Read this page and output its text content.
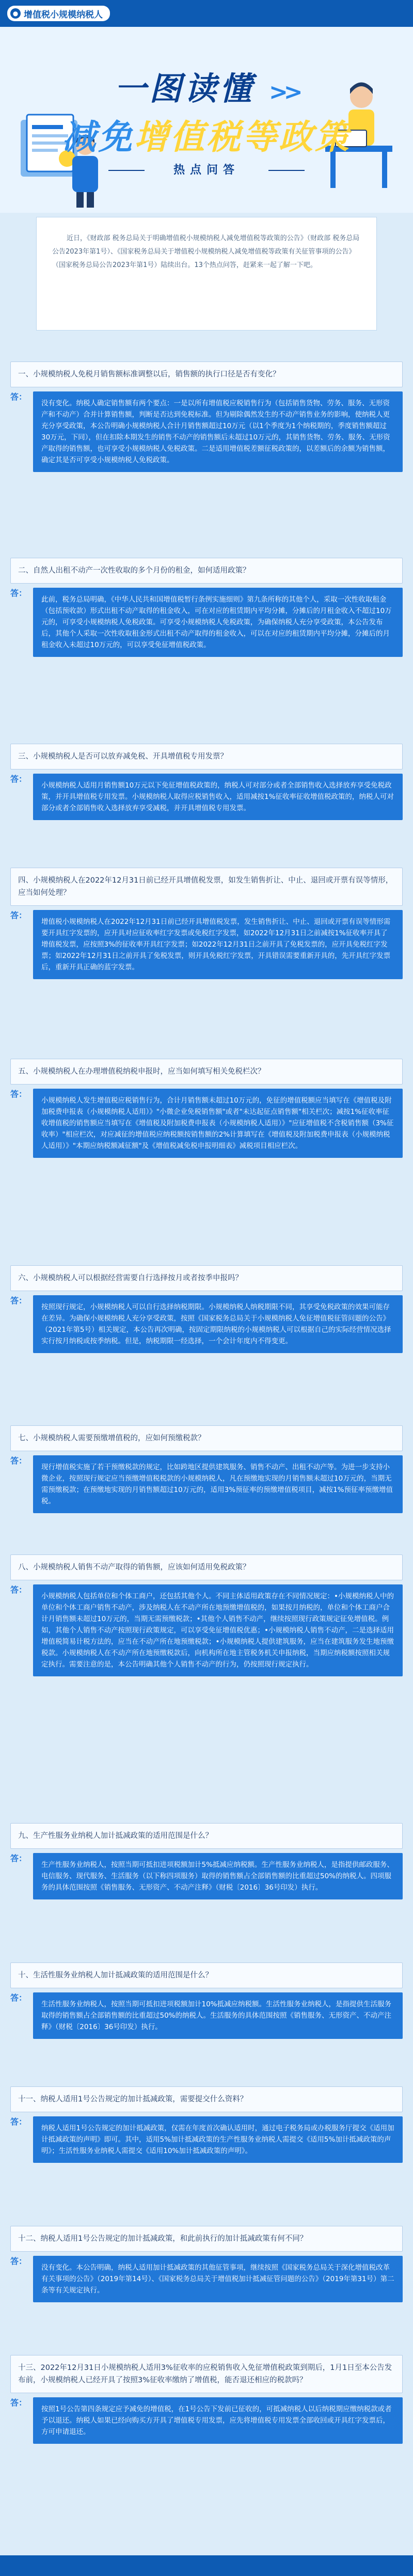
● 增值税小规模纳税人
一图读懂 >>
减免增值税等政策
热点问答
近日，《财政部 税务总局关于明确增值税小规模纳税人减免增值税等政策的公告》（财政部 税务总局公告2023年第1号）、《国家税务总局关于增值税小规模纳税人减免增值税等政策有关征管事项的公告》（国家税务总局公告2023年第1号）陆续出台。13个热点问答，赶紧来一起了解一下吧。
一、小规模纳税人免税月销售额标准调整以后，销售额的执行口径是否有变化？
答：
没有变化。纳税人确定销售额有两个要点：一是以所有增值税应税销售行为（包括销售货物、劳务、服务、无形资产和不动产）合并计算销售额，判断是否达到免税标准。但为剔除偶然发生的不动产销售业务的影响，使纳税人更充分享受政策，本公告明确小规模纳税人合计月销售额超过10万元（以1个季度为1个纳税期的，季度销售额超过30万元，下同），但在扣除本期发生的销售不动产的销售额后未超过10万元的，其销售货物、劳务、服务、无形资产取得的销售额，也可享受小规模纳税人免税政策。二是适用增值税差额征税政策的，以差额后的余额为销售额，确定其是否可享受小规模纳税人免税政策。
二、自然人出租不动产一次性收取的多个月份的租金，如何适用政策？
答：
此前，税务总局明确，《中华人民共和国增值税暂行条例实施细则》第九条所称的其他个人，采取一次性收取租金（包括预收款）形式出租不动产取得的租金收入，可在对应的租赁期内平均分摊，分摊后的月租金收入不超过10万元的，可享受小规模纳税人免税政策。可享受小规模纳税人免税政策，为确保纳税人充分享受政策，本公告发布后，其他个人采取一次性收取租金形式出租不动产取得的租金收入，可以在对应的租赁期内平均分摊，分摊后的月租金收入未超过10万元的，可以享受免征增值税政策。
三、小规模纳税人是否可以放弃减免税、开具增值税专用发票？
答：
小规模纳税人适用月销售额10万元以下免征增值税政策的，纳税人可对部分或者全部销售收入选择放弃享受免税政策，并开具增值税专用发票。小规模纳税人取得应税销售收入，适用减按1%征收率征收增值税政策的，纳税人可对部分或者全部销售收入选择放弃享受减税，并开具增值税专用发票。
四、小规模纳税人在2022年12月31日前已经开具增值税发票，如发生销售折让、中止、退回或开票有误等情形，应当如何处理？
答：
增值税小规模纳税人在2022年12月31日前已经开具增值税发票，发生销售折让、中止、退回或开票有误等情形需要开具红字发票的，应开具对应征收率红字发票或免税红字发票，如2022年12月31日之前减按1%征收率开具了增值税发票，应按照3%的征收率开具红字发票；如2022年12月31日之前开具了免税发票的，应开具免税红字发票；如2022年12月31日之前开具了免税发票，则开具免税红字发票，开具错误需要重新开具的，先开具红字发票后，重新开具正确的蓝字发票。
五、小规模纳税人在办理增值税纳税申报时，应当如何填写相关免税栏次？
答：
小规模纳税人发生增值税应税销售行为，合计月销售额未超过10万元的，免征的增值税额应当填写在《增值税及附加税费申报表（小规模纳税人适用）》"小微企业免税销售额"或者"未达起征点销售额"相关栏次；减按1%征收率征收增值税的销售额应当填写在《增值税及附加税费申报表（小规模纳税人适用）》"应征增值税不含税销售额（3%征收率）"相应栏次，对应减征的增值税应纳税额按销售额的2%计算填写在《增值税及附加税费申报表（小规模纳税人适用）》"本期应纳税额减征额"及《增值税减免税申报明细表》减税项目相应栏次。
六、小规模纳税人可以根据经营需要自行选择按月或者按季申报吗？
答：
按照现行规定，小规模纳税人可以自行选择纳税期限。小规模纳税人纳税期限不同，其享受免税政策的效果可能存在差异。为确保小规模纳税人充分享受政策，按照《国家税务总局关于小规模纳税人免征增值税征管问题的公告》（2021年第5号）相关规定，本公告再次明确，按固定期限纳税的小规模纳税人可以根据自己的实际经营情况选择实行按月纳税或按季纳税。但是，纳税期限一经选择，一个会计年度内不得变更。
七、小规模纳税人需要预缴增值税的，应如何预缴税款？
答：
现行增值税实施了若干预缴税款的规定，比如跨地区提供建筑服务、销售不动产、出租不动产等。为进一步支持小微企业，按照现行规定应当预缴增值税税款的小规模纳税人，凡在预缴地实现的月销售额未超过10万元的，当期无需预缴税款；在预缴地实现的月销售额超过10万元的，适用3%预征率的预缴增值税项目，减按1%预征率预缴增值税。
八、小规模纳税人销售不动产取得的销售额，应该如何适用免税政策？
答：
小规模纳税人包括单位和个体工商户，还包括其他个人。不同主体适用政策存在不同情况规定：•小规模纳税人中的单位和个体工商户销售不动产，涉及纳税人在不动产所在地预缴增值税的，如果按月纳税的，单位和个体工商户合计月销售额未超过10万元的，当期无需预缴税款；•其他个人销售不动产，继续按照现行政策规定征免增值税。例如，其他个人销售不动产按照现行政策规定，可以享受免征增值税优惠；•小规模纳税人销售不动产，二是选择适用增值税简易计税方法的，应当在不动产所在地预缴税款；•小规模纳税人提供建筑服务，应当在建筑服务发生地预缴税款。小规模纳税人在不动产所在地预缴税款后，向机构所在地主管税务机关申报纳税，当期应纳税额按照相关规定执行。需要注意的是，本公告明确其他个人销售不动产的行为，仍按照现行规定执行。
九、生产性服务业纳税人加计抵减政策的适用范围是什么？
答：
生产性服务业纳税人，按照当期可抵扣进项税额加计5%抵减应纳税额。生产性服务业纳税人，是指提供邮政服务、电信服务、现代服务、生活服务（以下称四项服务）取得的销售额占全部销售额的比重超过50%的纳税人。四项服务的具体范围按照《销售服务、无形资产、不动产注释》（财税〔2016〕36号印发）执行。
十、生活性服务业纳税人加计抵减政策的适用范围是什么？
答：
生活性服务业纳税人，按照当期可抵扣进项税额加计10%抵减应纳税额。生活性服务业纳税人，是指提供生活服务取得的销售额占全部销售额的比重超过50%的纳税人。生活服务的具体范围按照《销售服务、无形资产、不动产注释》（财税〔2016〕36号印发）执行。
十一、纳税人适用1号公告规定的加计抵减政策，需要提交什么资料？
答：
纳税人适用1号公告规定的加计抵减政策，仅需在年度首次确认适用时，通过电子税务局或办税服务厅提交《适用加计抵减政策的声明》即可。其中，适用5%加计抵减政策的生产性服务业纳税人需提交《适用5%加计抵减政策的声明》；生活性服务业纳税人需提交《适用10%加计抵减政策的声明》。
十二、纳税人适用1号公告规定的加计抵减政策，和此前执行的加计抵减政策有何不同？
答：
没有变化。本公告明确，纳税人适用加计抵减政策的其他征管事项，继续按照《国家税务总局关于深化增值税改革有关事项的公告》（2019年第14号）、《国家税务总局关于增值税加计抵减征管问题的公告》（2019年第31号）第二条等有关规定执行。
十三、2022年12月31日小规模纳税人适用3%征收率的应税销售收入免征增值税政策到期后，1月1日至本公告发布前，小规模纳税人已经开具了按照3%征收率缴纳了增值税，能否退还相应的税款吗？
答：
按照1号公告第四条规定应予减免的增值税，在1号公告下发前已征收的，可抵减纳税人以后纳税期应缴纳税款或者予以退还。纳税人如果已经向购买方开具了增值税专用发票，应先将增值税专用发票全部收回或开具红字发票后，方可申请退还。
